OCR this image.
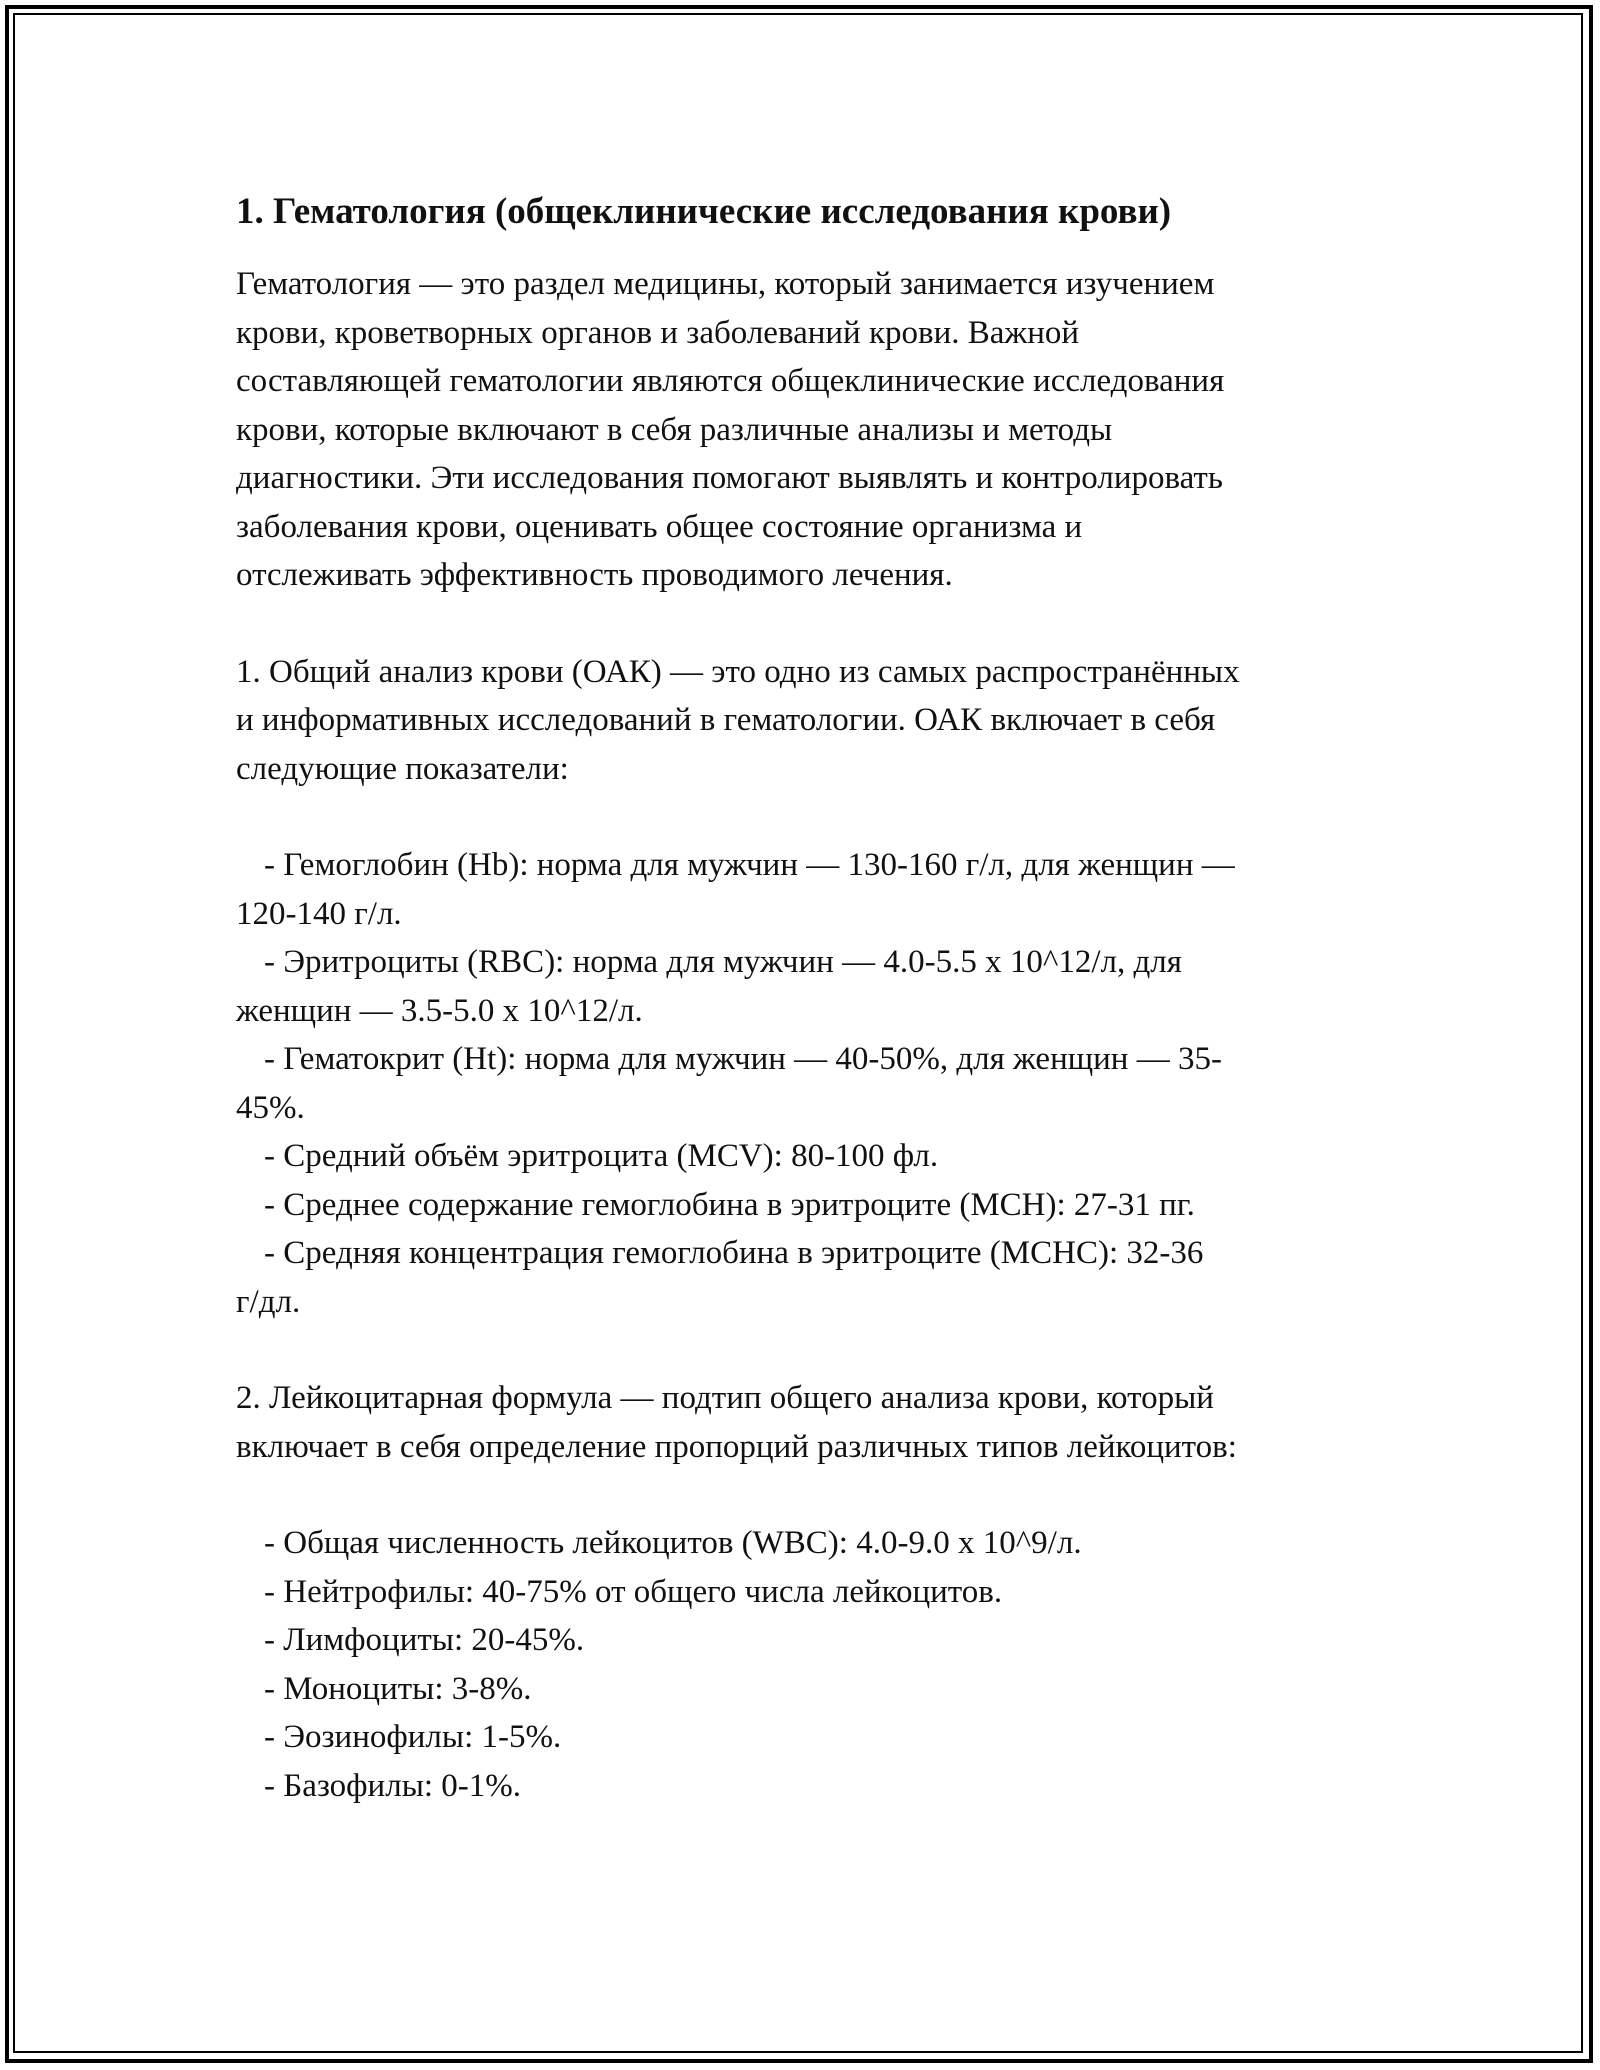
1. Гематология (общеклинические исследования крови)

Гематология — это раздел медицины, который занимается изучением
крови, кроветворных органов и заболеваний крови. Важной
составляющей гематологии являются общеклинические исследования
крови, которые включают в себя различные анализы и методы
диагностики. Эти исследования помогают выявлять и контролировать
заболевания крови, оценивать общее состояние организма и
отслеживать эффективность проводимого лечения.

1. Общий анализ крови (ОАК) — это одно из самых распространённых
и информативных исследований в гематологии. ОАК включает в себя
следующие показатели:

- Гемоглобин (Hb): норма для мужчин — 130-160 г/л, для женщин —
120-140 г/л.
- Эритроциты (RBC): норма для мужчин — 4.0-5.5 х 10^12/л, для
женщин — 3.5-5.0 х 10^12/л.
- Гематокрит (Ht): норма для мужчин — 40-50%, для женщин — 35-
45%.
- Средний объём эритроцита (MCV): 80-100 фл.
- Среднее содержание гемоглобина в эритроците (MCH): 27-31 пг.
- Средняя концентрация гемоглобина в эритроците (MCHC): 32-36
г/дл.

2. Лейкоцитарная формула — подтип общего анализа крови, который
включает в себя определение пропорций различных типов лейкоцитов:

- Общая численность лейкоцитов (WBC): 4.0-9.0 х 10^9/л.
- Нейтрофилы: 40-75% от общего числа лейкоцитов.
- Лимфоциты: 20-45%.
- Моноциты: 3-8%.
- Эозинофилы: 1-5%.
- Базофилы: 0-1%.
